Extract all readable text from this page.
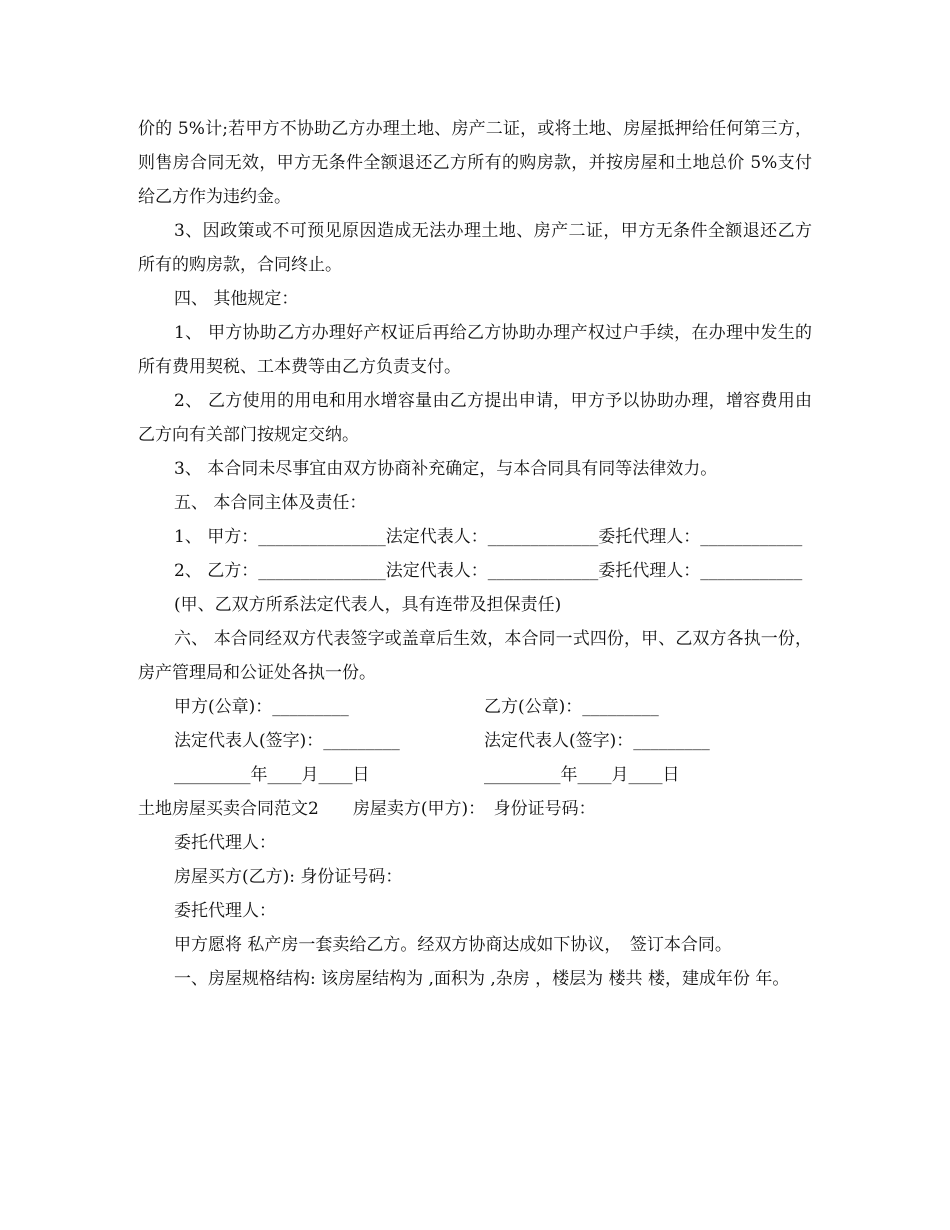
价的 5%计;若甲方不协助乙方办理土地、房产二证，或将土地、房屋抵押给任何第三方，则售房合同无效，甲方无条件全额退还乙方所有的购房款，并按房屋和土地总价 5%支付给乙方作为违约金。

3、因政策或不可预见原因造成无法办理土地、房产二证，甲方无条件全额退还乙方所有的购房款，合同终止。

四、 其他规定：

1、 甲方协助乙方办理好产权证后再给乙方协助办理产权过户手续，在办理中发生的所有费用契税、工本费等由乙方负责支付。

2、 乙方使用的用电和用水增容量由乙方提出申请，甲方予以协助办理，增容费用由乙方向有关部门按规定交纳。

3、 本合同未尽事宜由双方协商补充确定，与本合同具有同等法律效力。

五、 本合同主体及责任：

1、 甲方：_______________法定代表人：_____________委托代理人：____________

2、 乙方：_______________法定代表人：_____________委托代理人：____________

(甲、乙双方所系法定代表人，具有连带及担保责任)

六、 本合同经双方代表签字或盖章后生效，本合同一式四份，甲、乙双方各执一份，房产管理局和公证处各执一份。

甲方(公章)：_________	乙方(公章)：_________
法定代表人(签字)：_________	法定代表人(签字)：_________
_________年____月____日	_________年____月____日

土地房屋买卖合同范文2　　房屋卖方(甲方)：　身份证号码：

委托代理人：

房屋买方(乙方): 身份证号码：

委托代理人：

甲方愿将 私产房一套卖给乙方。经双方协商达成如下协议，　签订本合同。

一、房屋规格结构: 该房屋结构为 ,面积为 ,杂房 ，楼层为 楼共 楼，建成年份 年。
